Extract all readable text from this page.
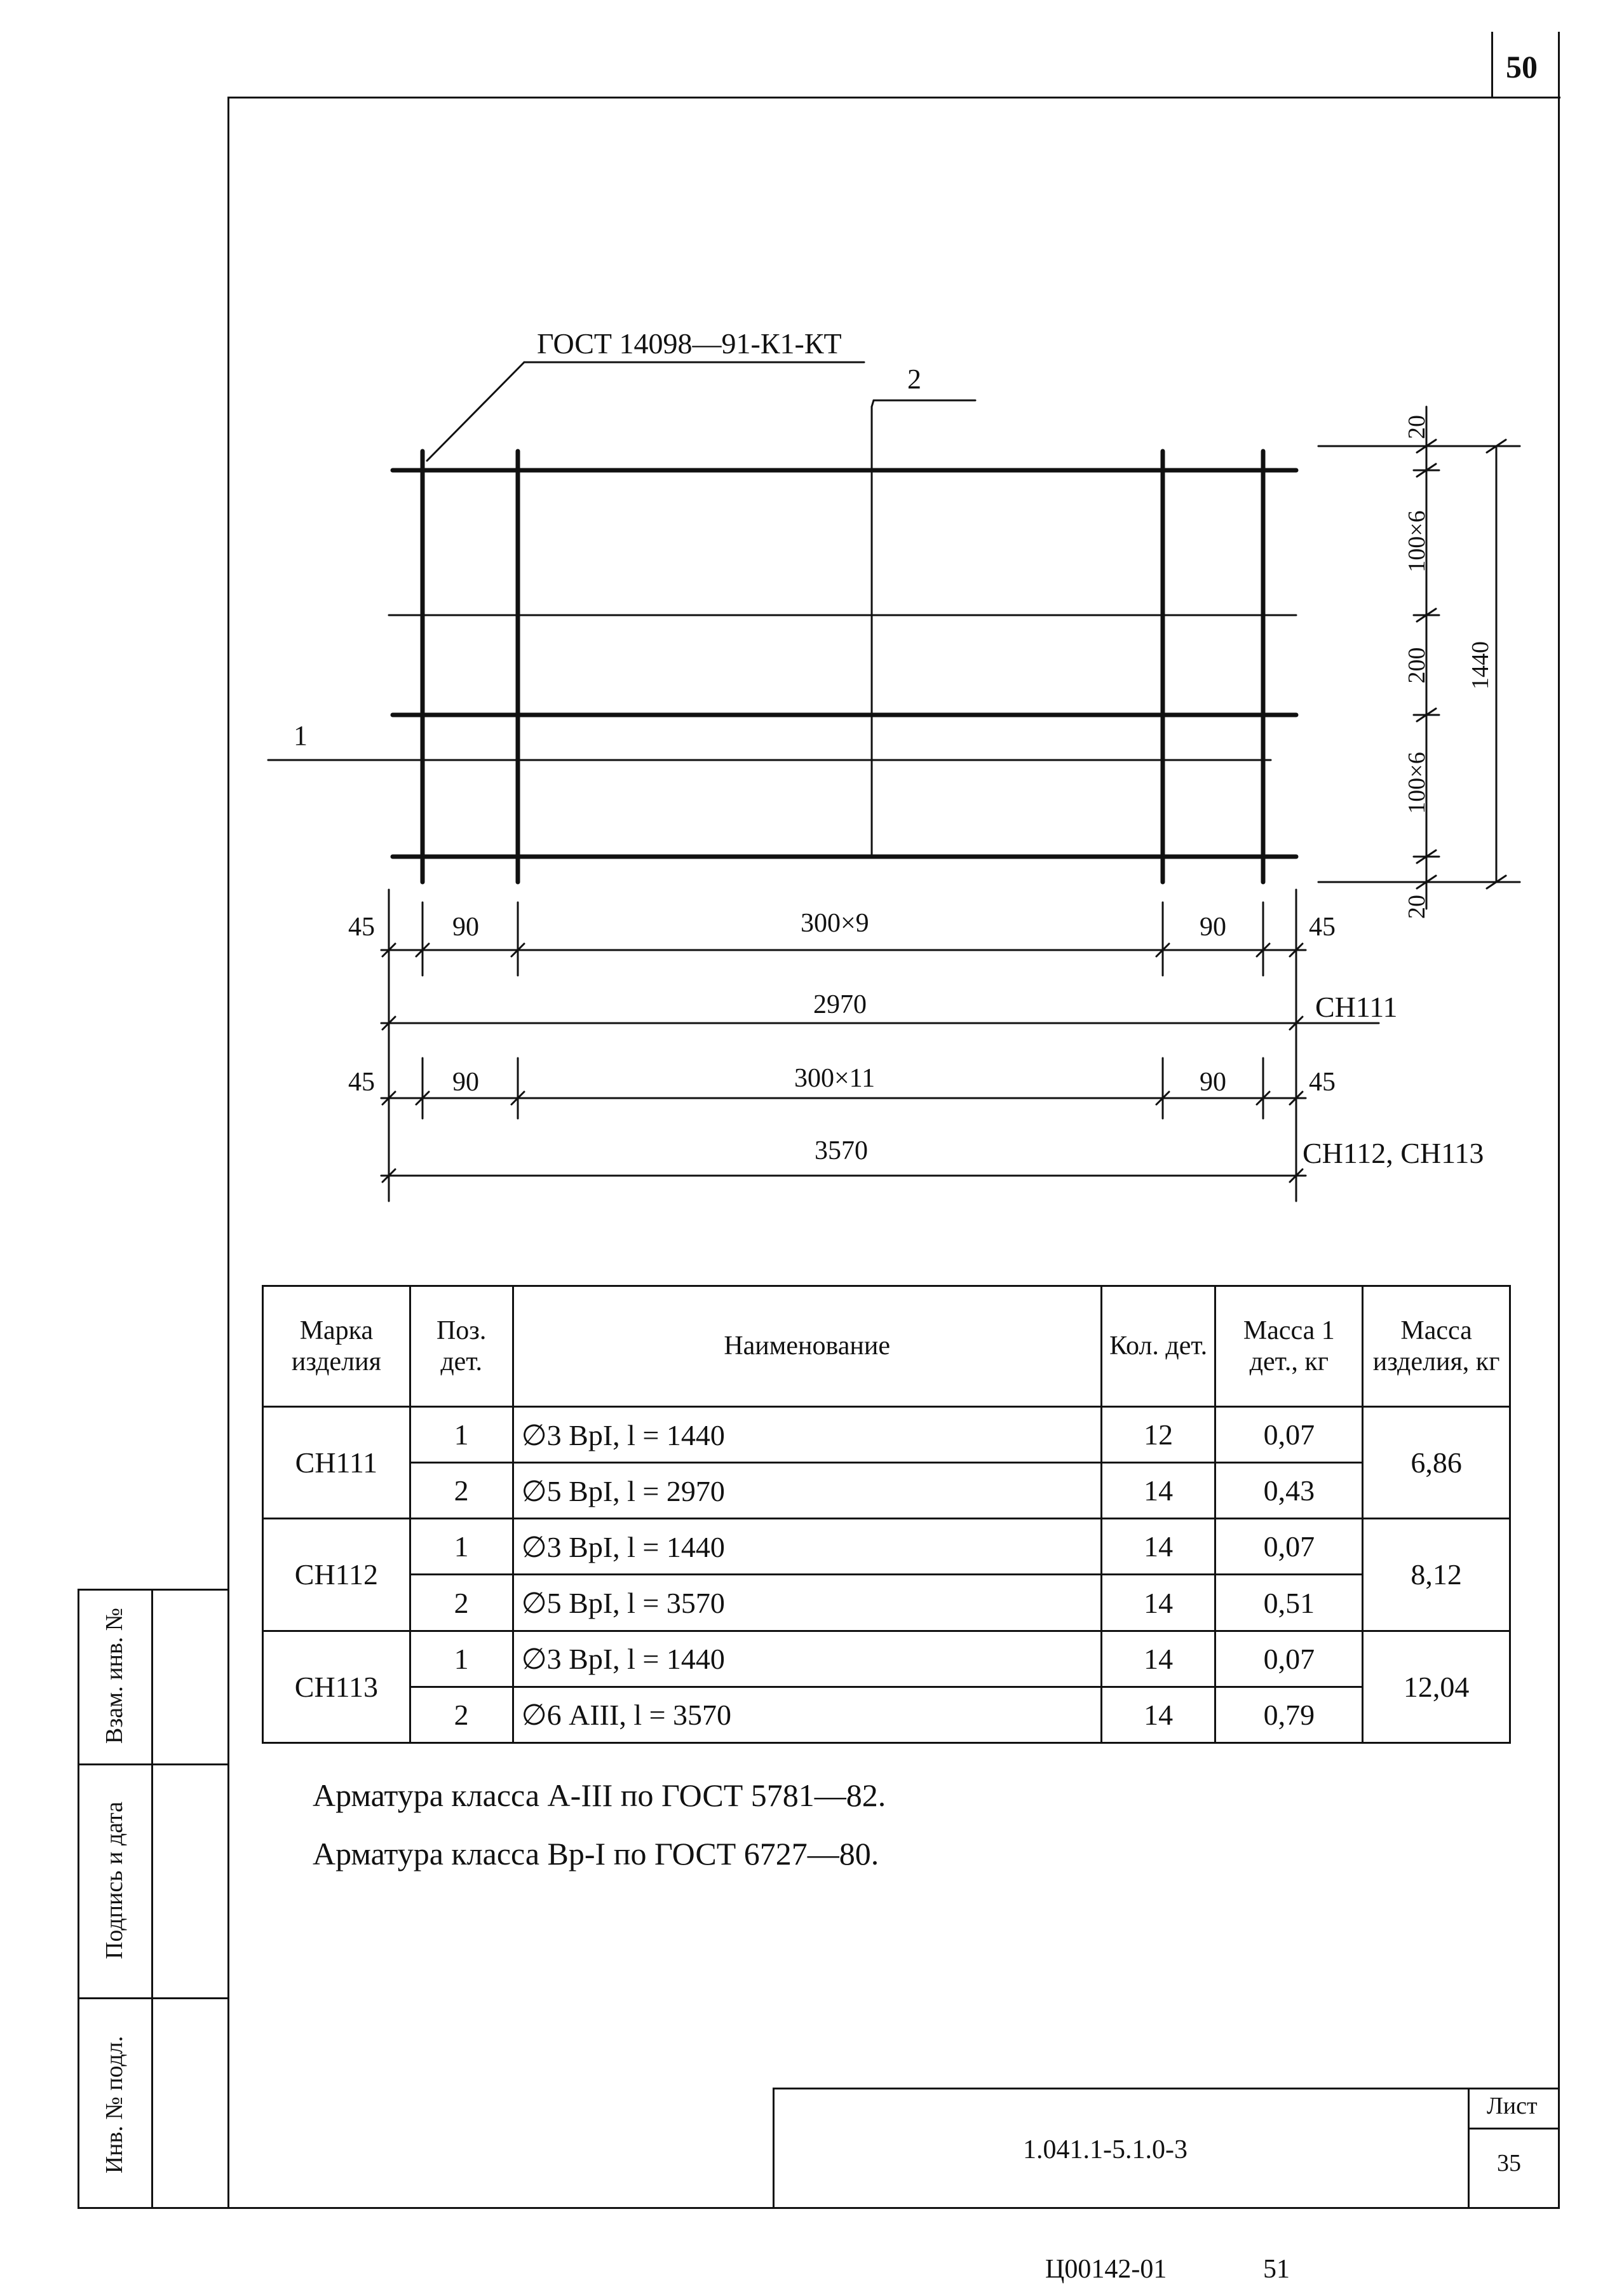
50
ГОСТ 14098—91-К1-КТ
2
1
20
100×6
200
100×6
20
1440
45	90	300×9	90	45
2970	СН111
45	90	300×11	90	45
3570	СН112, СН113
Марка изделия	Поз. дет.	Наименование	Кол. дет.	Масса 1 дет., кг	Масса изделия, кг
СН111	1	∅3 ВрI, l = 1440	12	0,07	6,86
	2	∅5 ВрI, l = 2970	14	0,43	
СН112	1	∅3 ВрI, l = 1440	14	0,07	8,12
	2	∅5 ВрI, l = 3570	14	0,51	
СН113	1	∅3 ВрI, l = 1440	14	0,07	12,04
	2	∅6 АIII, l = 3570	14	0,79	
Арматура класса А-III по ГОСТ 5781—82.
Арматура класса Вр-I по ГОСТ 6727—80.
Взам. инв. №
Подпись и дата
Инв. № подл.	Лист
35
1.041.1-5.1.0-3
Ц00142-01	51
